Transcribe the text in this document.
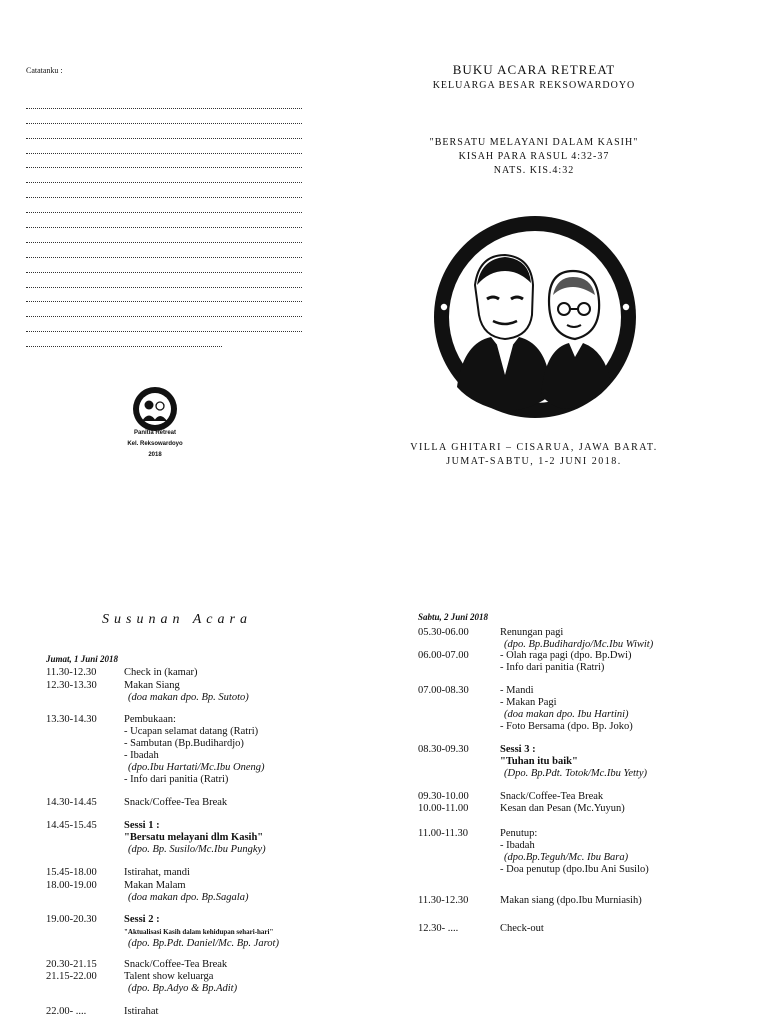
Catatanku :
Panitia Retreat
Kel. Reksowardoyo
2018
BUKU ACARA RETREAT
KELUARGA BESAR REKSOWARDOYO
"BERSATU MELAYANI DALAM KASIH"
KISAH PARA RASUL 4:32-37
NATS. KIS.4:32
VILLA GHITARI – CISARUA, JAWA BARAT.
JUMAT-SABTU, 1-2 JUNI 2018.
Susunan Acara
Jumat, 1 Juni 2018
11.30-12.30	Check in (kamar)
12.30-13.30	Makan Siang
(doa makan dpo. Bp. Sutoto)
13.30-14.30	Pembukaan:
- Ucapan selamat datang (Ratri)
- Sambutan (Bp.Budihardjo)
- Ibadah
(dpo.Ibu Hartati/Mc.Ibu Oneng)
- Info dari panitia (Ratri)
14.30-14.45	Snack/Coffee-Tea Break
14.45-15.45	Sessi 1 :
"Bersatu melayani dlm Kasih"
(dpo. Bp. Susilo/Mc.Ibu Pungky)
15.45-18.00	Istirahat, mandi
18.00-19.00	Makan Malam
(doa makan dpo. Bp.Sagala)
19.00-20.30	Sessi 2 :
"Aktualisasi Kasih dalam kehidupan sehari-hari"
(dpo. Bp.Pdt. Daniel/Mc. Bp. Jarot)
20.30-21.15	Snack/Coffee-Tea Break
21.15-22.00	Talent show keluarga
(dpo. Bp.Adyo & Bp.Adit)
22.00- ....	Istirahat
Sabtu, 2 Juni 2018
05.30-06.00	Renungan pagi
(dpo. Bp.Budihardjo/Mc.Ibu Wiwit)
06.00-07.00	- Olah raga pagi (dpo. Bp.Dwi)
- Info dari panitia (Ratri)
07.00-08.30	- Mandi
- Makan Pagi
(doa makan dpo. Ibu Hartini)
- Foto Bersama (dpo. Bp. Joko)
08.30-09.30	Sessi 3 :
"Tuhan itu baik"
(Dpo. Bp.Pdt. Totok/Mc.Ibu Yetty)
09.30-10.00	Snack/Coffee-Tea Break
10.00-11.00	Kesan dan Pesan (Mc.Yuyun)
11.00-11.30	Penutup:
- Ibadah
(dpo.Bp.Teguh/Mc. Ibu Bara)
- Doa penutup (dpo.Ibu Ani Susilo)
11.30-12.30	Makan siang (dpo.Ibu Murniasih)
12.30- ....	Check-out
